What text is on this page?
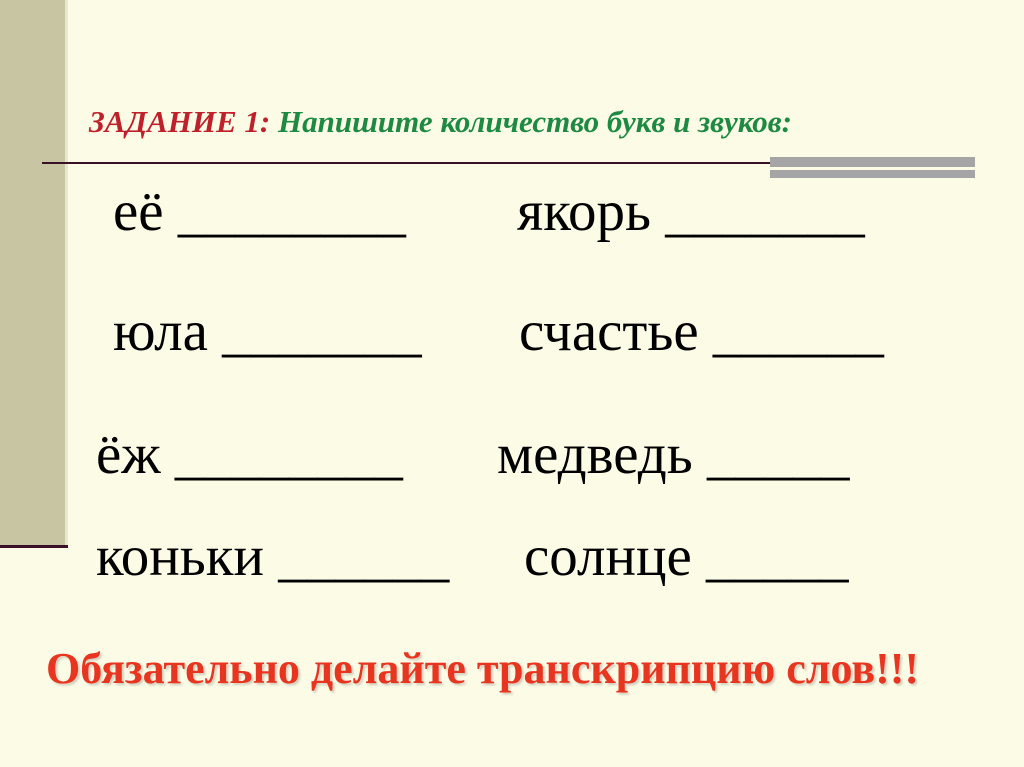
ЗАДАНИЕ 1: Напишите количество букв и звуков:
её ________ якорь _______
юла _______ счастье ______
ёж ________ медведь _____
коньки ______ солнце _____
Обязательно делайте транскрипцию слов!!!
